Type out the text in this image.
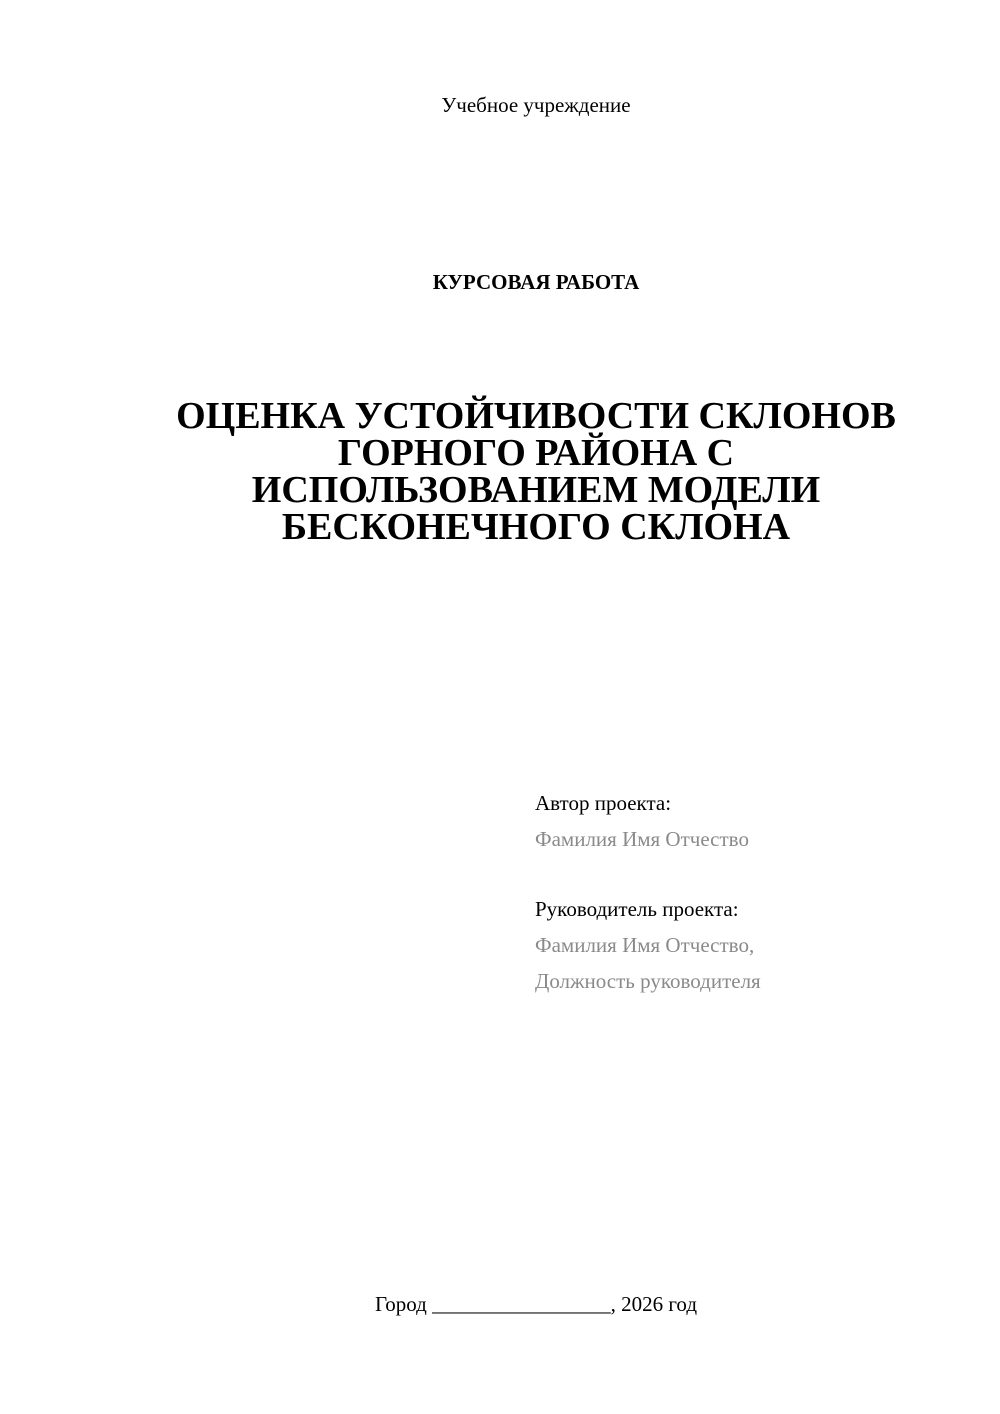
Учебное учреждение
КУРСОВАЯ РАБОТА
ОЦЕНКА УСТОЙЧИВОСТИ СКЛОНОВ
ГОРНОГО РАЙОНА С
ИСПОЛЬЗОВАНИЕМ МОДЕЛИ
БЕСКОНЕЧНОГО СКЛОНА
Автор проекта:
Фамилия Имя Отчество
Руководитель проекта:
Фамилия Имя Отчество,
Должность руководителя
Город _________________, 2026 год
